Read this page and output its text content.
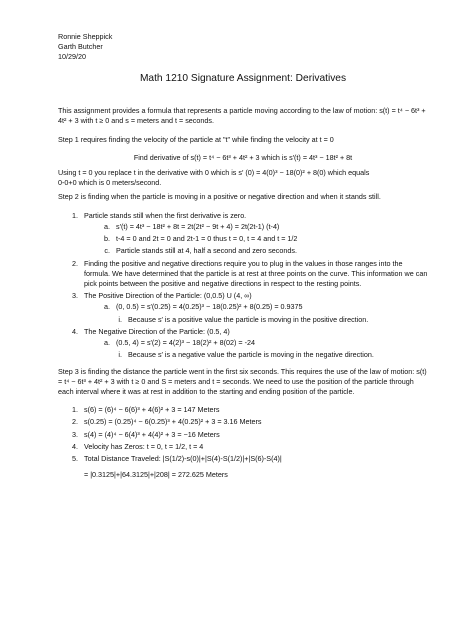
Ronnie Sheppick
Garth Butcher
10/29/20
Math 1210 Signature Assignment: Derivatives

This assignment provides a formula that represents a particle moving according to the law of motion: s(t) = t⁴ − 6t³ + 4t² + 3 with t ≥ 0 and s = meters and t = seconds.

Step 1 requires finding the velocity of the particle at "t" while finding the velocity at t = 0

Find derivative of s(t) = t⁴ − 6t³ + 4t² + 3 which is s′(t) = 4t³ − 18t² + 8t

Using t = 0 you replace t in the derivative with 0 which is s′ (0) = 4(0)³ − 18(0)² + 8(0) which equals
0-0+0 which is 0 meters/second.

Step 2 is finding when the particle is moving in a positive or negative direction and when it stands still.

1. Particle stands still when the first derivative is zero.
a. s′(t) = 4t³ − 18t² + 8t = 2t(2t² − 9t + 4) = 2t(2t-1) (t-4)
b. t-4 = 0 and 2t = 0 and 2t-1 = 0 thus t = 0, t = 4 and t = 1/2
c. Particle stands still at 4, half a second and zero seconds.
2. Finding the positive and negative directions require you to plug in the values in those ranges into the formula. We have determined that the particle is at rest at three points on the curve. This information we can pick points between the positive and negative directions in respect to the resting points.
3. The Positive Direction of the Particle: (0,0.5) U (4, ∞)
a. (0, 0.5) = s′(0.25) = 4(0.25)³ − 18(0.25)² + 8(0.25) = 0.9375
i. Because s′ is a positive value the particle is moving in the positive direction.
4. The Negative Direction of the Particle: (0.5, 4)
a. (0.5, 4) = s′(2) = 4(2)³ − 18(2)² + 8(02) = -24
i. Because s′ is a negative value the particle is moving in the negative direction.

Step 3 is finding the distance the particle went in the first six seconds. This requires the use of the law of motion: s(t) = t⁴ − 6t³ + 4t² + 3 with t ≥ 0 and S = meters and t = seconds. We need to use the position of the particle through each interval where it was at rest in addition to the starting and ending position of the particle.

1. s(6) = (6)⁴ − 6(6)³ + 4(6)² + 3 = 147 Meters
2. s(0.25) = (0.25)⁴ − 6(0.25)³ + 4(0.25)² + 3 = 3.16 Meters
3. s(4) = (4)⁴ − 6(4)³ + 4(4)² + 3 = −16 Meters
4. Velocity has Zeros: t = 0, t = 1/2, t = 4
5. Total Distance Traveled: |S(1/2)-s(0)|+|S(4)-S(1/2)|+|S(6)-S(4)|

= |0.3125|+|64.3125|+|208| = 272.625 Meters
